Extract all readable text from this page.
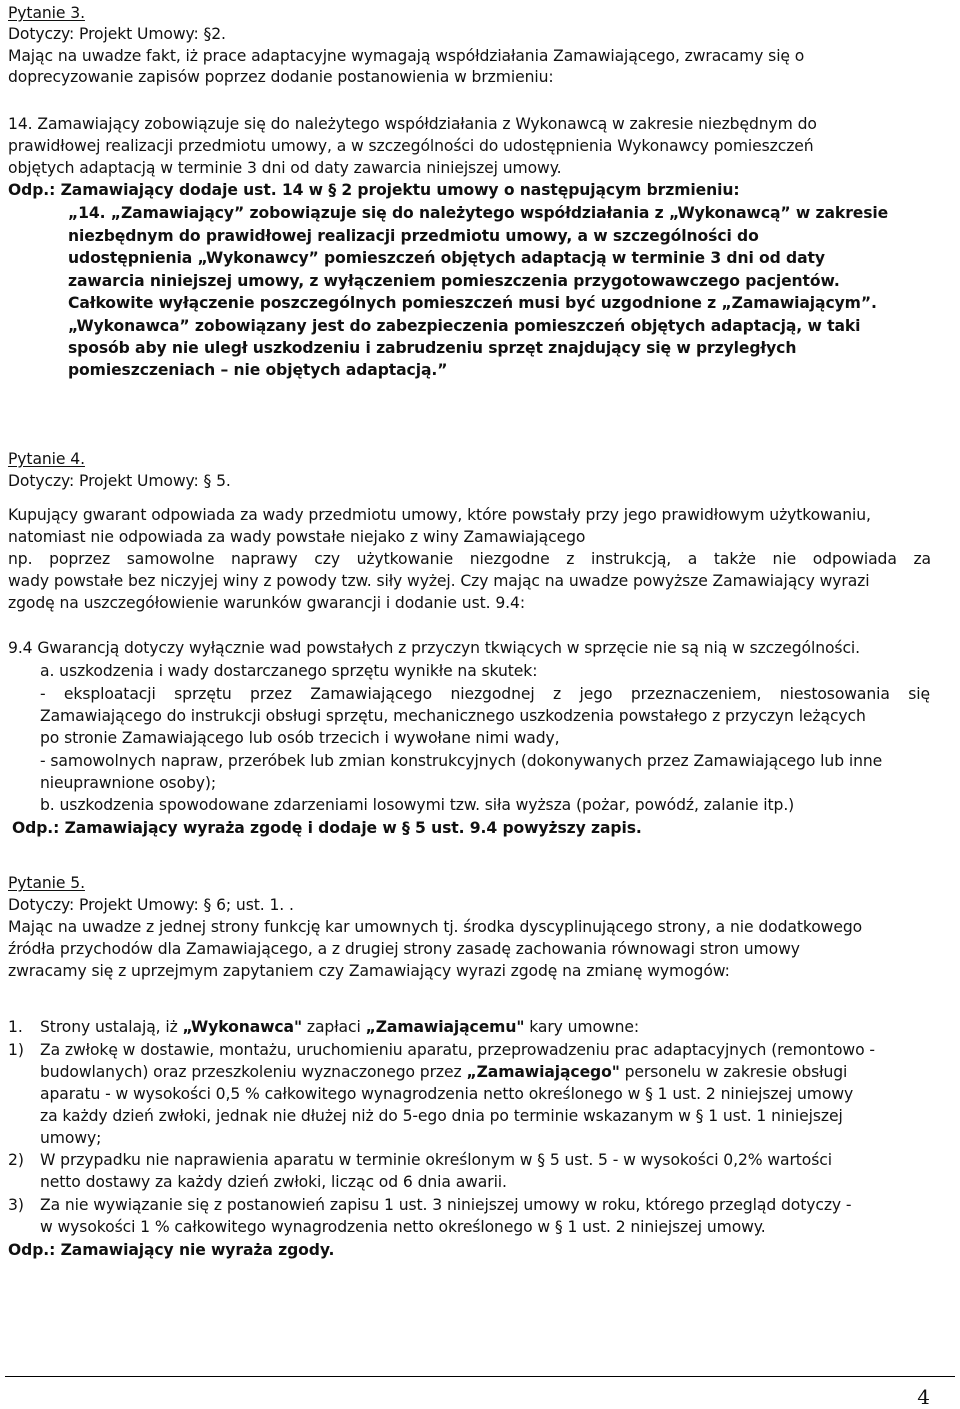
Pytanie 3.
Dotyczy: Projekt Umowy: §2.
Mając na uwadze fakt, iż prace adaptacyjne wymagają współdziałania Zamawiającego, zwracamy się o
doprecyzowanie zapisów poprzez dodanie postanowienia w brzmieniu:
14. Zamawiający zobowiązuje się do należytego współdziałania z Wykonawcą w zakresie niezbędnym do
prawidłowej realizacji przedmiotu umowy, a w szczególności do udostępnienia Wykonawcy pomieszczeń
objętych adaptacją w terminie 3 dni od daty zawarcia niniejszej umowy.
Odp.: Zamawiający dodaje ust. 14 w § 2 projektu umowy o następującym brzmieniu:
„14. „Zamawiający” zobowiązuje się do należytego współdziałania z „Wykonawcą” w zakresie
niezbędnym do prawidłowej realizacji przedmiotu umowy, a w szczególności do
udostępnienia „Wykonawcy” pomieszczeń objętych adaptacją w terminie 3 dni od daty
zawarcia niniejszej umowy, z wyłączeniem pomieszczenia przygotowawczego pacjentów.
Całkowite wyłączenie poszczególnych pomieszczeń musi być uzgodnione z „Zamawiającym”.
„Wykonawca” zobowiązany jest do zabezpieczenia pomieszczeń objętych adaptacją, w taki
sposób aby nie uległ uszkodzeniu i zabrudzeniu sprzęt znajdujący się w przyległych
pomieszczeniach – nie objętych adaptacją.”
Pytanie 4.
Dotyczy: Projekt Umowy: § 5.
Kupujący gwarant odpowiada za wady przedmiotu umowy, które powstały przy jego prawidłowym użytkowaniu,
natomiast nie odpowiada za wady powstałe niejako z winy Zamawiającego
np. poprzez samowolne naprawy czy użytkowanie niezgodne z instrukcją, a także nie odpowiada za
wady powstałe bez niczyjej winy z powody tzw. siły wyżej. Czy mając na uwadze powyższe Zamawiający wyrazi
zgodę na uszczegółowienie warunków gwarancji i dodanie ust. 9.4:
9.4 Gwarancją dotyczy wyłącznie wad powstałych z przyczyn tkwiących w sprzęcie nie są nią w szczególności.
a. uszkodzenia i wady dostarczanego sprzętu wynikłe na skutek:
- eksploatacji sprzętu przez Zamawiającego niezgodnej z jego przeznaczeniem, niestosowania się
Zamawiającego do instrukcji obsługi sprzętu, mechanicznego uszkodzenia powstałego z przyczyn leżących
po stronie Zamawiającego lub osób trzecich i wywołane nimi wady,
- samowolnych napraw, przeróbek lub zmian konstrukcyjnych (dokonywanych przez Zamawiającego lub inne
nieuprawnione osoby);
b. uszkodzenia spowodowane zdarzeniami losowymi tzw. siła wyższa (pożar, powódź, zalanie itp.)
Odp.: Zamawiający wyraża zgodę i dodaje w § 5 ust. 9.4 powyższy zapis.
Pytanie 5.
Dotyczy: Projekt Umowy: § 6; ust. 1. .
Mając na uwadze z jednej strony funkcję kar umownych tj. środka dyscyplinującego strony, a nie dodatkowego
źródła przychodów dla Zamawiającego, a z drugiej strony zasadę zachowania równowagi stron umowy
zwracamy się z uprzejmym zapytaniem czy Zamawiający wyrazi zgodę na zmianę wymogów:
1. Strony ustalają, iż „Wykonawca" zapłaci „Zamawiającemu" kary umowne:
1) Za zwłokę w dostawie, montażu, uruchomieniu aparatu, przeprowadzeniu prac adaptacyjnych (remontowo -
budowlanych) oraz przeszkoleniu wyznaczonego przez „Zamawiającego" personelu w zakresie obsługi
aparatu - w wysokości 0,5 % całkowitego wynagrodzenia netto określonego w § 1 ust. 2 niniejszej umowy
za każdy dzień zwłoki, jednak nie dłużej niż do 5-ego dnia po terminie wskazanym w § 1 ust. 1 niniejszej
umowy;
2) W przypadku nie naprawienia aparatu w terminie określonym w § 5 ust. 5 - w wysokości 0,2% wartości
netto dostawy za każdy dzień zwłoki, licząc od 6 dnia awarii.
3) Za nie wywiązanie się z postanowień zapisu 1 ust. 3 niniejszej umowy w roku, którego przegląd dotyczy -
w wysokości 1 % całkowitego wynagrodzenia netto określonego w § 1 ust. 2 niniejszej umowy.
Odp.: Zamawiający nie wyraża zgody.
4
